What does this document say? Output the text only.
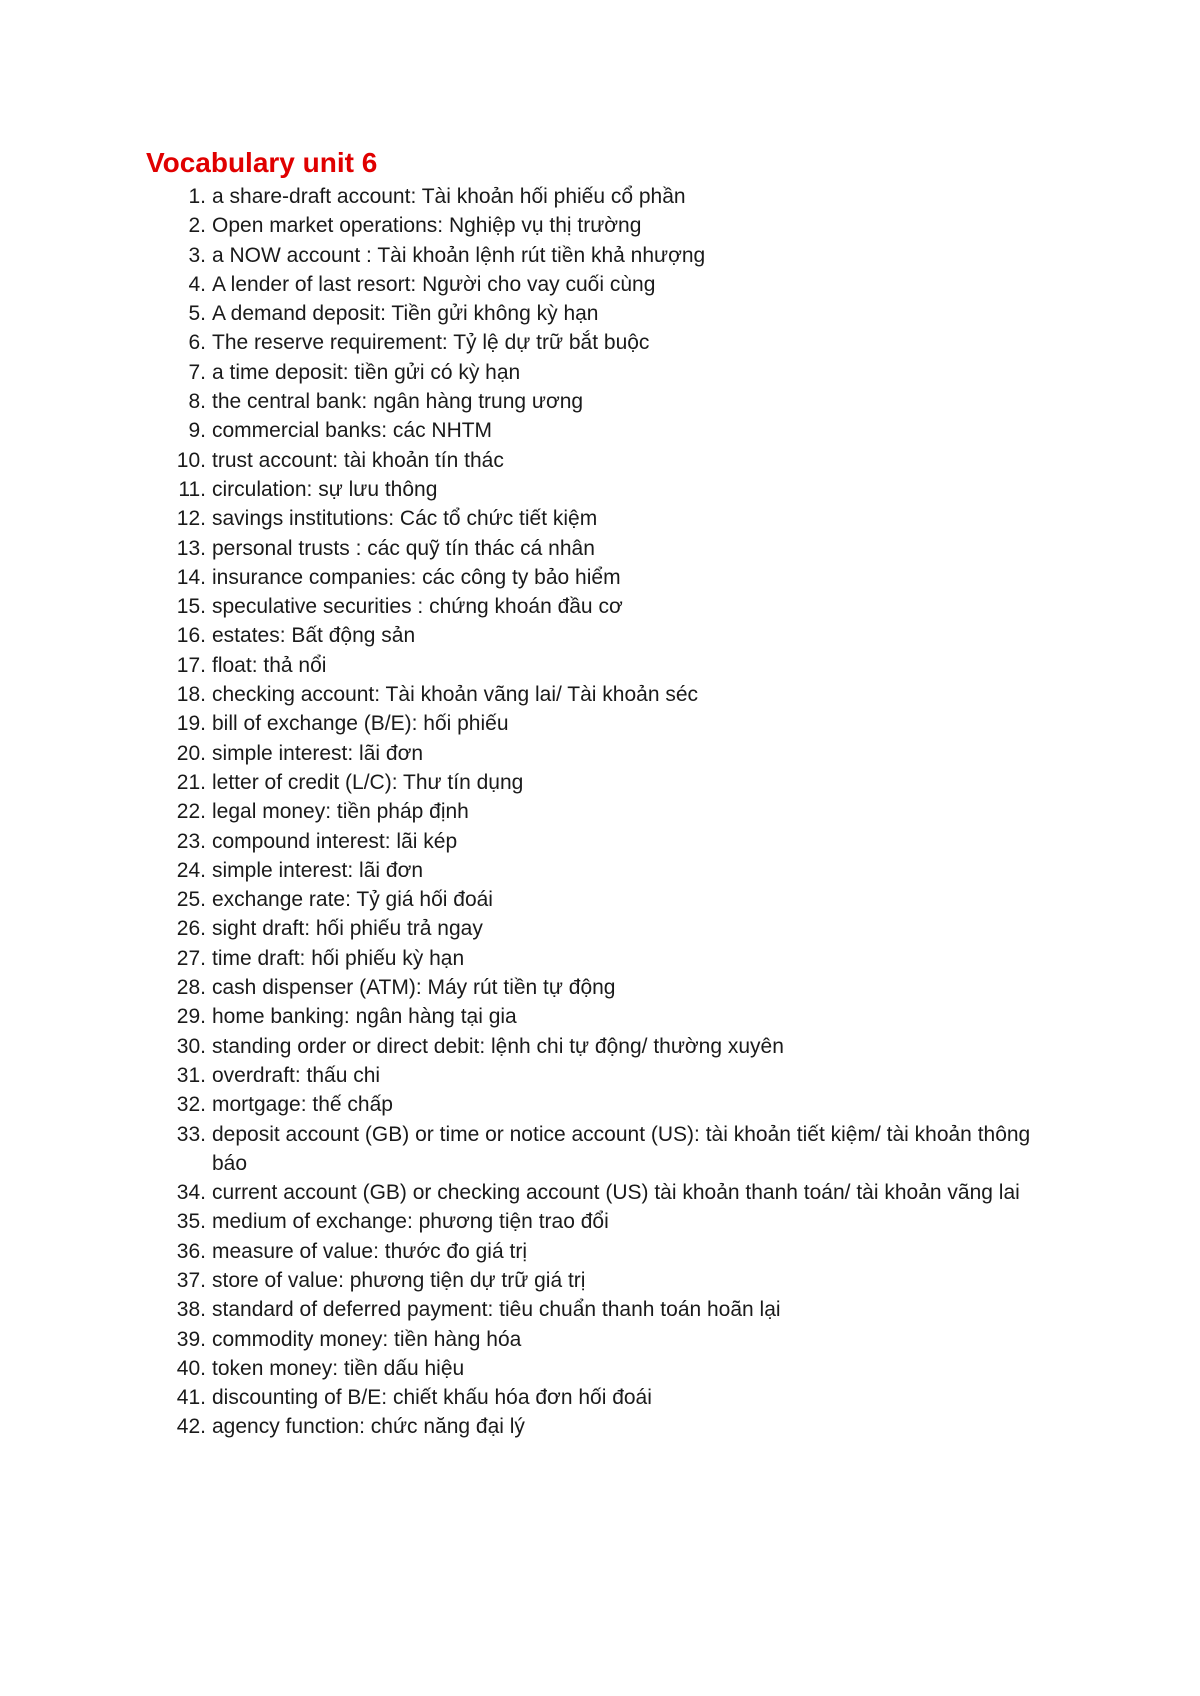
Vocabulary unit 6
1. a share-draft account: Tài khoản hối phiếu cổ phần
2. Open market operations: Nghiệp vụ thị trường
3. a NOW account : Tài khoản lệnh rút tiền khả nhượng
4. A lender of last resort: Người cho vay cuối cùng
5. A demand deposit: Tiền gửi không kỳ hạn
6. The reserve requirement: Tỷ lệ dự trữ bắt buộc
7. a time deposit: tiền gửi có kỳ hạn
8. the central bank: ngân hàng trung ương
9. commercial banks: các NHTM
10. trust account: tài khoản tín thác
11. circulation: sự lưu thông
12. savings institutions: Các tổ chức tiết kiệm
13. personal trusts : các quỹ tín thác cá nhân
14. insurance companies: các công ty bảo hiểm
15. speculative securities : chứng khoán đầu cơ
16. estates: Bất động sản
17. float: thả nổi
18. checking account: Tài khoản vãng lai/ Tài khoản séc
19. bill of exchange (B/E): hối phiếu
20. simple interest: lãi đơn
21. letter of credit (L/C): Thư tín dụng
22. legal money: tiền pháp định
23. compound interest: lãi kép
24. simple interest: lãi đơn
25. exchange rate: Tỷ giá hối đoái
26. sight draft: hối phiếu trả ngay
27. time draft: hối phiếu kỳ hạn
28. cash dispenser (ATM): Máy rút tiền tự động
29. home banking: ngân hàng tại gia
30. standing order or direct debit: lệnh chi tự động/ thường xuyên
31. overdraft: thấu chi
32. mortgage: thế chấp
33. deposit account (GB) or time or notice account (US): tài khoản tiết kiệm/ tài khoản thông báo
34. current account (GB) or checking account (US) tài khoản thanh toán/ tài khoản vãng lai
35. medium of exchange: phương tiện trao đổi
36. measure of value: thước đo giá trị
37. store of value: phương tiện dự trữ giá trị
38. standard of deferred payment: tiêu chuẩn thanh toán hoãn lại
39. commodity money: tiền hàng hóa
40. token money: tiền dấu hiệu
41. discounting of B/E: chiết khấu hóa đơn hối đoái
42. agency function: chức năng đại lý
